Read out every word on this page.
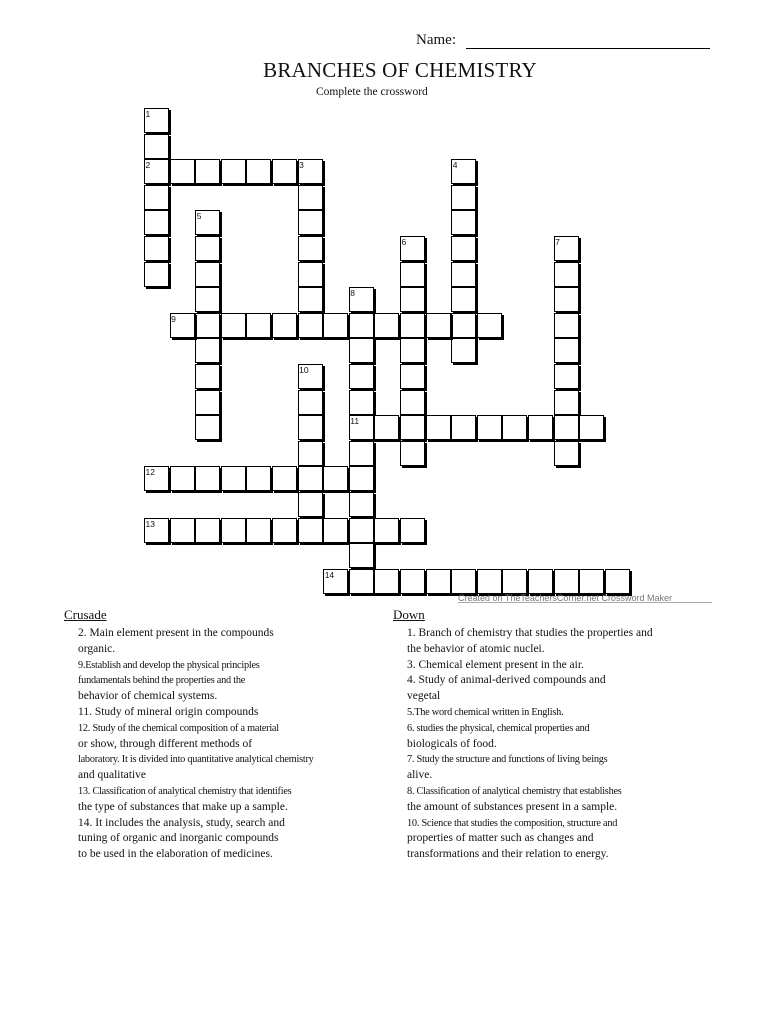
Name:
BRANCHES OF CHEMISTRY
Complete the crossword
1
2	3	4
5
6	7
8
9
10
11
12
13
14
Created on TheTeachersCorner.net Crossword Maker
Crusade
2. Main element present in the compounds
organic.
9.Establish and develop the physical principles
fundamentals behind the properties and the
behavior of chemical systems.
11. Study of mineral origin compounds
12. Study of the chemical composition of a material
or show, through different methods of
laboratory. It is divided into quantitative analytical chemistry
and qualitative
13. Classification of analytical chemistry that identifies
the type of substances that make up a sample.
14. It includes the analysis, study, search and
tuning of organic and inorganic compounds
to be used in the elaboration of medicines.
Down
1. Branch of chemistry that studies the properties and
the behavior of atomic nuclei.
3. Chemical element present in the air.
4. Study of animal-derived compounds and
vegetal
5.The word chemical written in English.
6. studies the physical, chemical properties and
biologicals of food.
7. Study the structure and functions of living beings
alive.
8. Classification of analytical chemistry that establishes
the amount of substances present in a sample.
10. Science that studies the composition, structure and
properties of matter such as changes and
transformations and their relation to energy.
